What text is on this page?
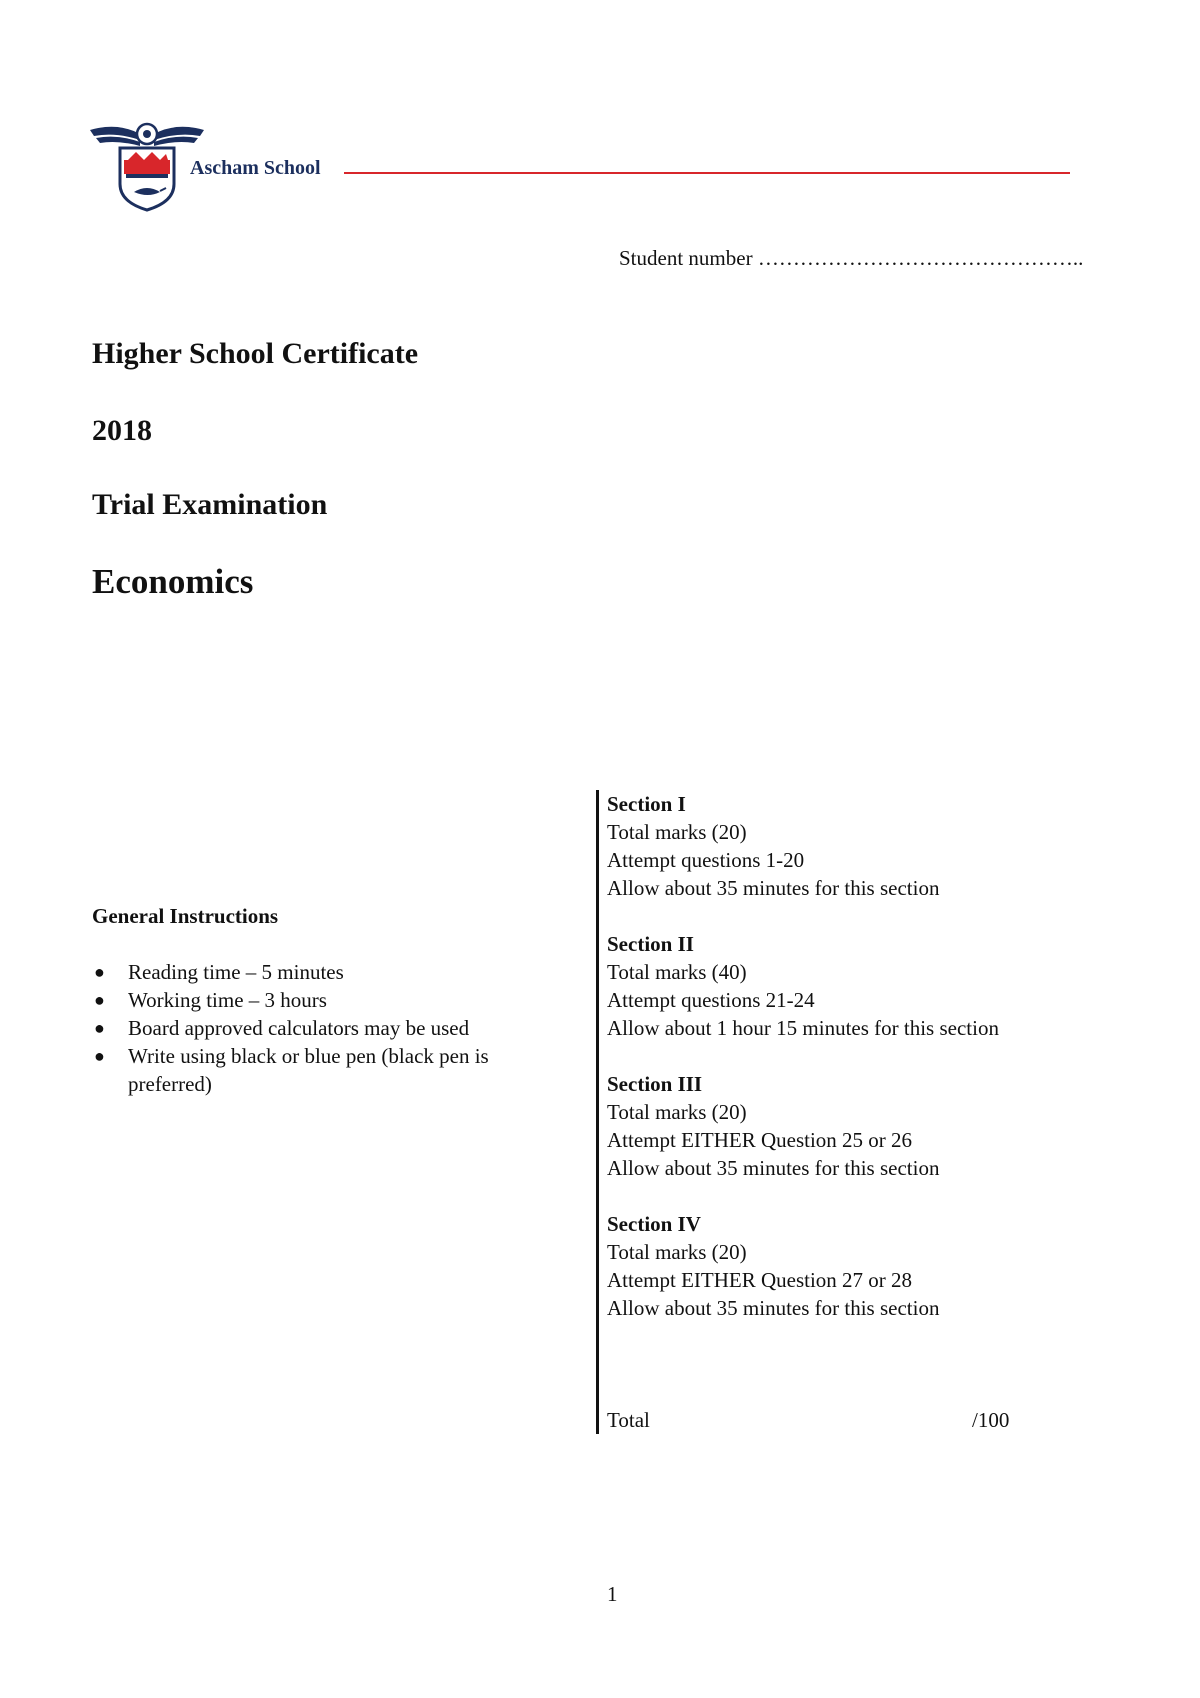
Ascham School
Student number ………………………………………..
Higher School Certificate
2018
Trial Examination
Economics
General Instructions
● Reading time – 5 minutes
● Working time – 3 hours
● Board approved calculators may be used
● Write using black or blue pen (black pen is preferred)
Section I
Total marks (20)
Attempt questions 1-20
Allow about 35 minutes for this section
Section II
Total marks (40)
Attempt questions 21-24
Allow about 1 hour 15 minutes for this section
Section III
Total marks (20)
Attempt EITHER Question 25 or 26
Allow about 35 minutes for this section
Section IV
Total marks (20)
Attempt EITHER Question 27 or 28
Allow about 35 minutes for this section
Total	/100
1
